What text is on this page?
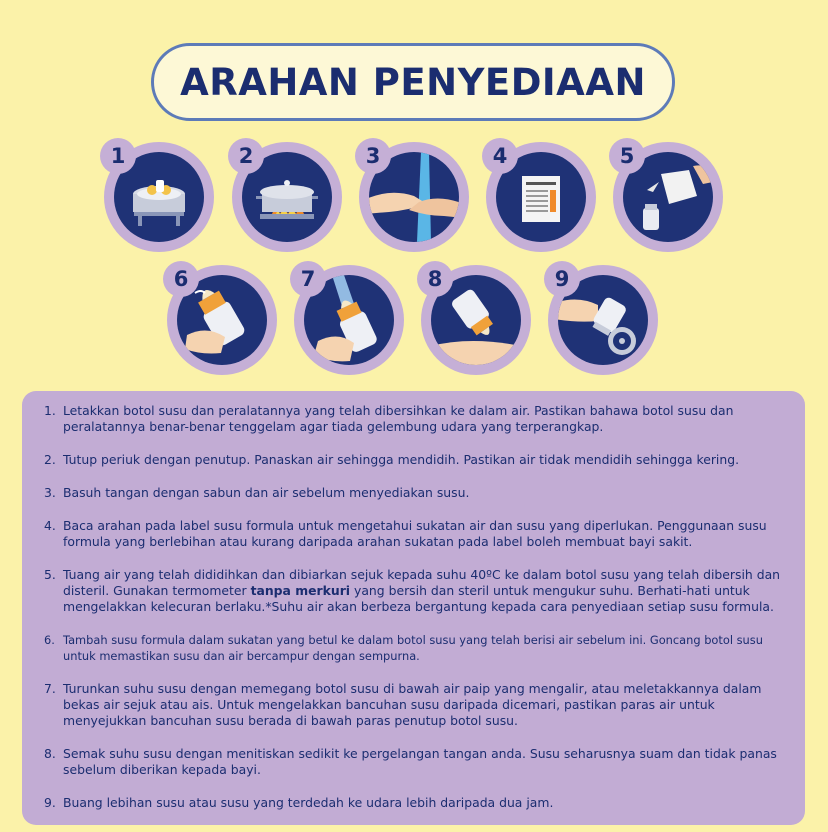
ARAHAN PENYEDIAAN
1	2	3	4	5
6	7	8	9
1. Letakkan botol susu dan peralatannya yang telah dibersihkan ke dalam air. Pastikan bahawa botol susu dan peralatannya benar-benar tenggelam agar tiada gelembung udara yang terperangkap.
2. Tutup periuk dengan penutup. Panaskan air sehingga mendidih. Pastikan air tidak mendidih sehingga kering.
3. Basuh tangan dengan sabun dan air sebelum menyediakan susu.
4. Baca arahan pada label susu formula untuk mengetahui sukatan air dan susu yang diperlukan. Penggunaan susu formula yang berlebihan atau kurang daripada arahan sukatan pada label boleh membuat bayi sakit.
5. Tuang air yang telah dididihkan dan dibiarkan sejuk kepada suhu 40ºC ke dalam botol susu yang telah dibersih dan disteril. Gunakan termometer tanpa merkuri yang bersih dan steril untuk mengukur suhu. Berhati-hati untuk mengelakkan kelecuran berlaku.*Suhu air akan berbeza bergantung kepada cara penyediaan setiap susu formula.
6. Tambah susu formula dalam sukatan yang betul ke dalam botol susu yang telah berisi air sebelum ini. Goncang botol susu untuk memastikan susu dan air bercampur dengan sempurna.
7. Turunkan suhu susu dengan memegang botol susu di bawah air paip yang mengalir, atau meletakkannya dalam bekas air sejuk atau ais. Untuk mengelakkan bancuhan susu daripada dicemari, pastikan paras air untuk menyejukkan bancuhan susu berada di bawah paras penutup botol susu.
8. Semak suhu susu dengan menitiskan sedikit ke pergelangan tangan anda. Susu seharusnya suam dan tidak panas sebelum diberikan kepada bayi.
9. Buang lebihan susu atau susu yang terdedah ke udara lebih daripada dua jam.
